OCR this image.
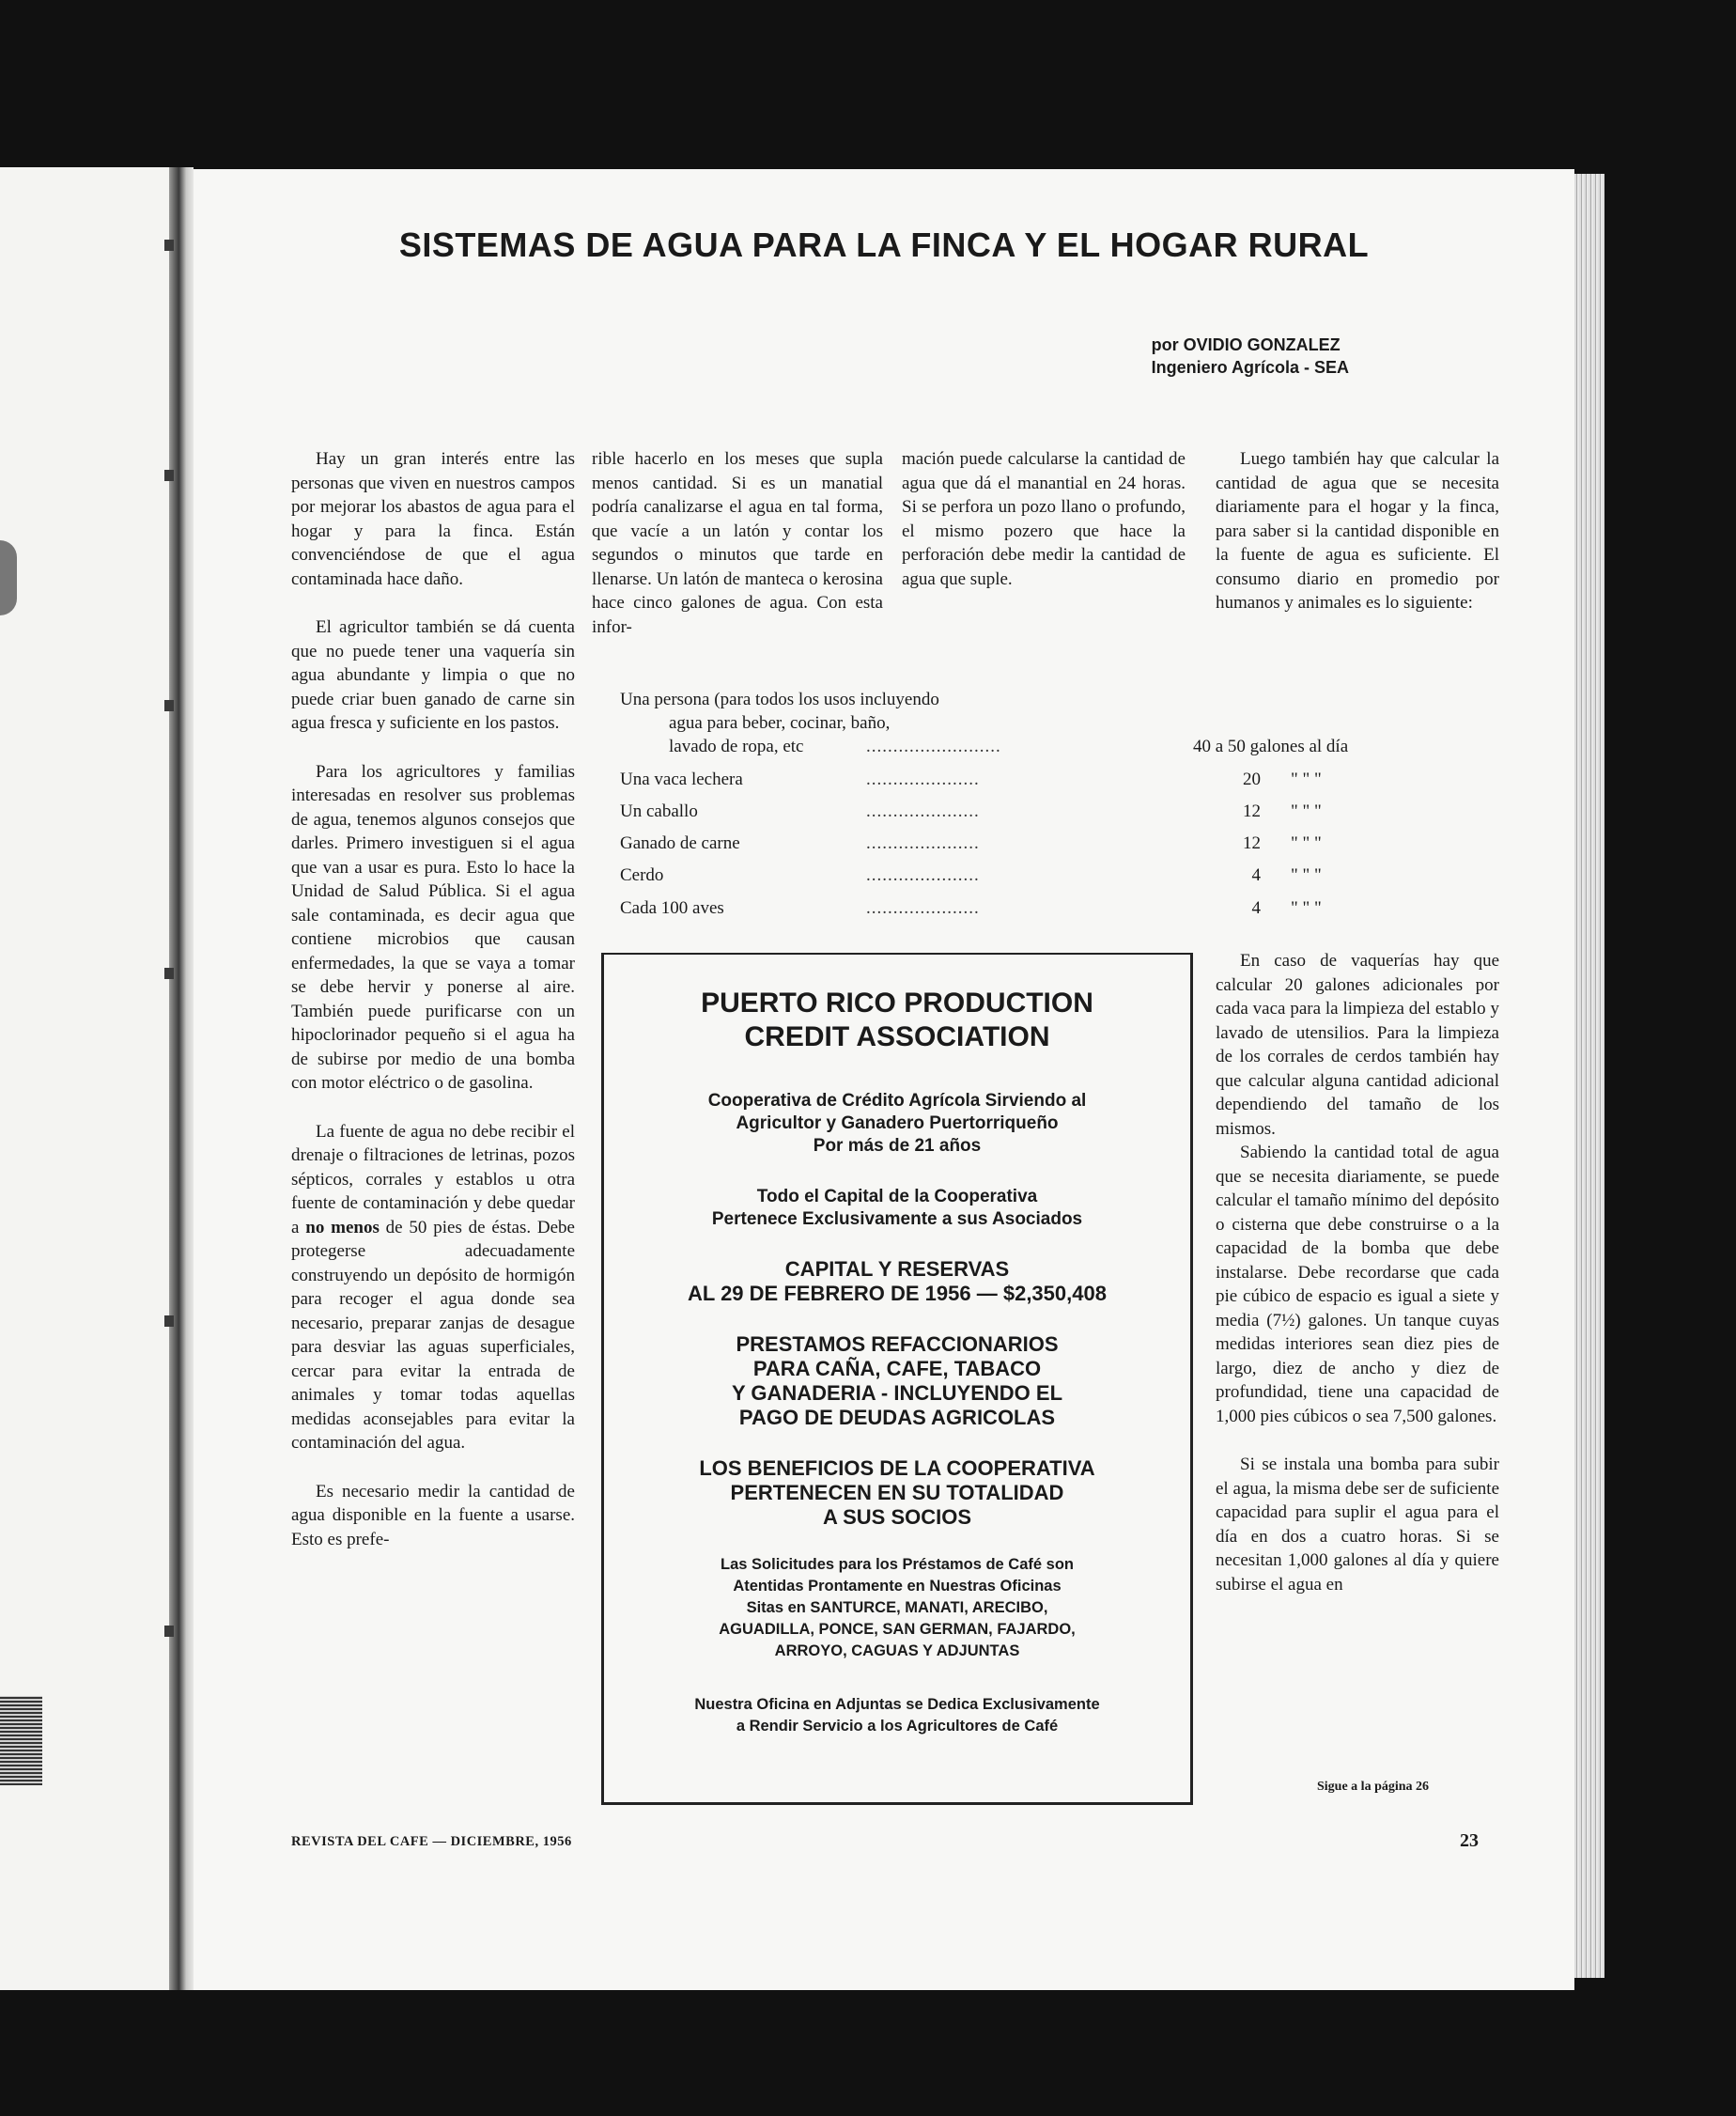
SISTEMAS DE AGUA PARA LA FINCA Y EL HOGAR RURAL
por OVIDIO GONZALEZ
Ingeniero Agrícola - SEA

Hay un gran interés entre las personas que viven en nuestros campos por mejorar los abastos de agua para el hogar y para la finca. Están convenciéndose de que el agua contaminada hace daño.

El agricultor también se dá cuenta que no puede tener una vaquería sin agua abundante y limpia o que no puede criar buen ganado de carne sin agua fresca y suficiente en los pastos.

Para los agricultores y familias interesadas en resolver sus problemas de agua, tenemos algunos consejos que darles. Primero investiguen si el agua que van a usar es pura. Esto lo hace la Unidad de Salud Pública. Si el agua sale contaminada, es decir agua que contiene microbios que causan enfermedades, la que se vaya a tomar se debe hervir y ponerse al aire. También puede purificarse con un hipoclorinador pequeño si el agua ha de subirse por medio de una bomba con motor eléctrico o de gasolina.

La fuente de agua no debe recibir el drenaje o filtraciones de letrinas, pozos sépticos, corrales y establos u otra fuente de contaminación y debe quedar a no menos de 50 pies de éstas. Debe protegerse adecuadamente construyendo un depósito de hormigón para recoger el agua donde sea necesario, preparar zanjas de desague para desviar las aguas superficiales, cercar para evitar la entrada de animales y tomar todas aquellas medidas aconsejables para evitar la contaminación del agua.

Es necesario medir la cantidad de agua disponible en la fuente a usarse. Esto es prefe-

rible hacerlo en los meses que supla menos cantidad. Si es un manatial podría canalizarse el agua en tal forma, que vacíe a un latón y contar los segundos o minutos que tarde en llenarse. Un latón de manteca o kerosina hace cinco galones de agua. Con esta infor-

mación puede calcularse la cantidad de agua que dá el manantial en 24 horas. Si se perfora un pozo llano o profundo, el mismo pozero que hace la perforación debe medir la cantidad de agua que suple.

Luego también hay que calcular la cantidad de agua que se necesita diariamente para el hogar y la finca, para saber si la cantidad disponible en la fuente de agua es suficiente. El consumo diario en promedio por humanos y animales es lo siguiente:

Una persona (para todos los usos incluyendo
agua para beber, cocinar, baño,
lavado de ropa, etc	.........................	40 a 50 galones al día
Una vaca lechera	.....................	20 " " "
Un caballo	.....................	12 " " "
Ganado de carne	.....................	12 " " "
Cerdo	.....................	4 " " "
Cada 100 aves	.....................	4 " " "
PUERTO RICO PRODUCTION
CREDIT ASSOCIATION
Cooperativa de Crédito Agrícola Sirviendo al
Agricultor y Ganadero Puertorriqueño
Por más de 21 años
Todo el Capital de la Cooperativa
Pertenece Exclusivamente a sus Asociados
CAPITAL Y RESERVAS
AL 29 DE FEBRERO DE 1956 — $2,350,408
PRESTAMOS REFACCIONARIOS
PARA CAÑA, CAFE, TABACO
Y GANADERIA - INCLUYENDO EL
PAGO DE DEUDAS AGRICOLAS
LOS BENEFICIOS DE LA COOPERATIVA
PERTENECEN EN SU TOTALIDAD
A SUS SOCIOS
Las Solicitudes para los Préstamos de Café son
Atentidas Prontamente en Nuestras Oficinas
Sitas en SANTURCE, MANATI, ARECIBO,
AGUADILLA, PONCE, SAN GERMAN, FAJARDO,
ARROYO, CAGUAS Y ADJUNTAS
Nuestra Oficina en Adjuntas se Dedica Exclusivamente
a Rendir Servicio a los Agricultores de Café

En caso de vaquerías hay que calcular 20 galones adicionales por cada vaca para la limpieza del establo y lavado de utensilios. Para la limpieza de los corrales de cerdos también hay que calcular alguna cantidad adicional dependiendo del tamaño de los mismos.

Sabiendo la cantidad total de agua que se necesita diariamente, se puede calcular el tamaño mínimo del depósito o cisterna que debe construirse o a la capacidad de la bomba que debe instalarse. Debe recordarse que cada pie cúbico de espacio es igual a siete y media (7½) galones. Un tanque cuyas medidas interiores sean diez pies de largo, diez de ancho y diez de profundidad, tiene una capacidad de 1,000 pies cúbicos o sea 7,500 galones.

Si se instala una bomba para subir el agua, la misma debe ser de suficiente capacidad para suplir el agua para el día en dos a cuatro horas. Si se necesitan 1,000 galones al día y quiere subirse el agua en

Sigue a la página 26
REVISTA DEL CAFE — DICIEMBRE, 1956	23
